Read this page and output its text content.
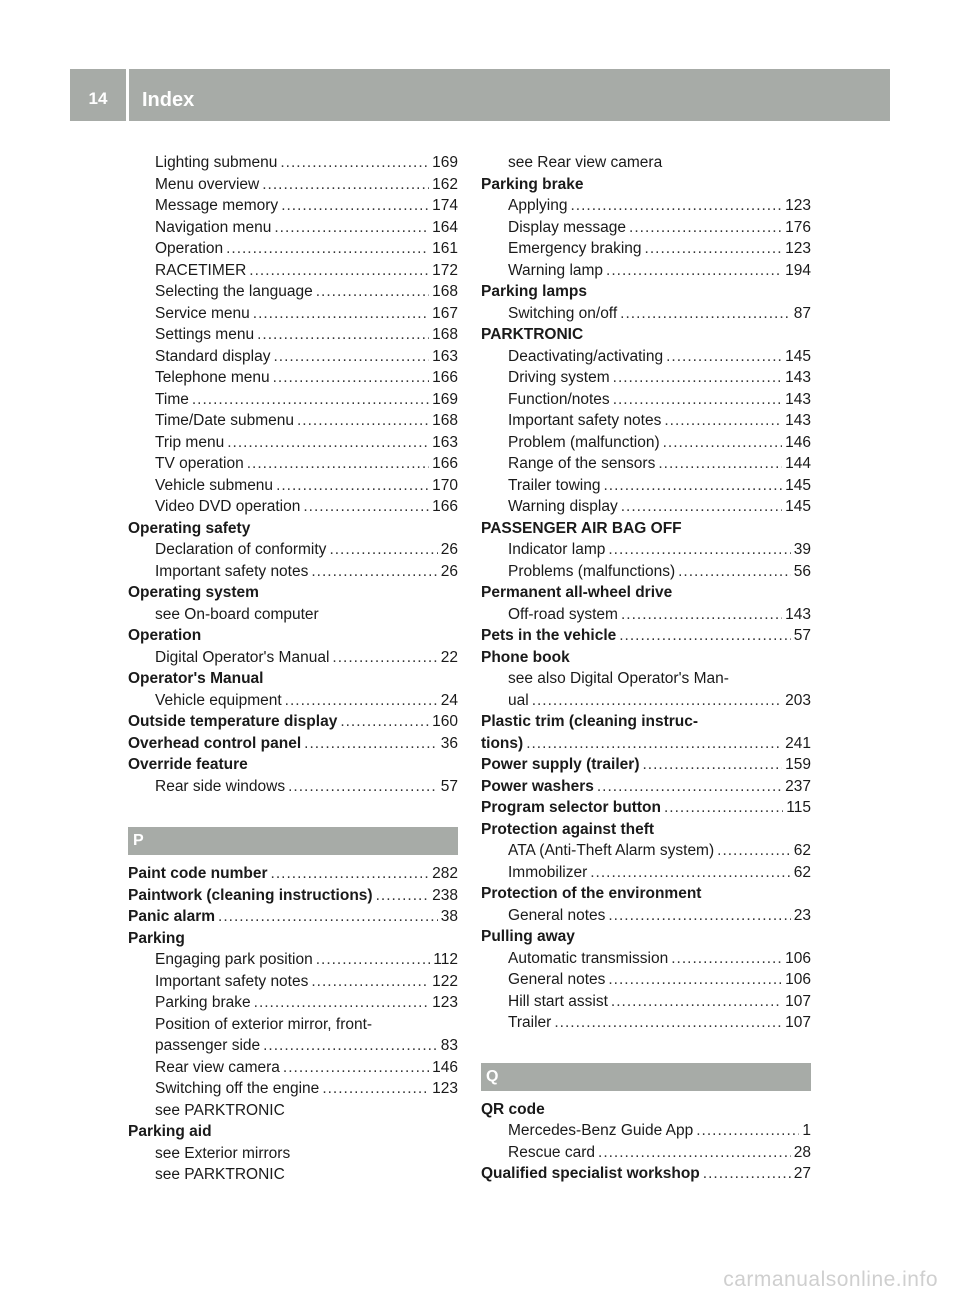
14	Index
Lighting submenu .....	169
Menu overview .....	162
Message memory .....	174
Navigation menu .....	164
Operation .....	161
RACETIMER .....	172
Selecting the language .....	168
Service menu .....	167
Settings menu .....	168
Standard display .....	163
Telephone menu .....	166
Time .....	169
Time/Date submenu .....	168
Trip menu .....	163
TV operation .....	166
Vehicle submenu .....	170
Video DVD operation .....	166
Operating safety
Declaration of conformity .....	26
Important safety notes .....	26
Operating system
see On-board computer
Operation
Digital Operator's Manual .....	22
Operator's Manual
Vehicle equipment .....	24
Outside temperature display .....	160
Overhead control panel .....	36
Override feature
Rear side windows .....	57
P
Paint code number .....	282
Paintwork (cleaning instructions) .....	238
Panic alarm .....	38
Parking
Engaging park position .....	112
Important safety notes .....	122
Parking brake .....	123
Position of exterior mirror, front-
passenger side .....	83
Rear view camera .....	146
Switching off the engine .....	123
see PARKTRONIC
Parking aid
see Exterior mirrors
see PARKTRONIC
see Rear view camera
Parking brake
Applying .....	123
Display message .....	176
Emergency braking .....	123
Warning lamp .....	194
Parking lamps
Switching on/off .....	87
PARKTRONIC
Deactivating/activating .....	145
Driving system .....	143
Function/notes .....	143
Important safety notes .....	143
Problem (malfunction) .....	146
Range of the sensors .....	144
Trailer towing .....	145
Warning display .....	145
PASSENGER AIR BAG OFF
Indicator lamp .....	39
Problems (malfunctions) .....	56
Permanent all-wheel drive
Off-road system .....	143
Pets in the vehicle .....	57
Phone book
see also Digital Operator's Man-
ual .....	203
Plastic trim (cleaning instruc-
tions) .....	241
Power supply (trailer) .....	159
Power washers .....	237
Program selector button .....	115
Protection against theft
ATA (Anti-Theft Alarm system) .....	62
Immobilizer .....	62
Protection of the environment
General notes .....	23
Pulling away
Automatic transmission .....	106
General notes .....	106
Hill start assist .....	107
Trailer .....	107
Q
QR code
Mercedes-Benz Guide App .....	1
Rescue card .....	28
Qualified specialist workshop .....	27
carmanualsonline.info
